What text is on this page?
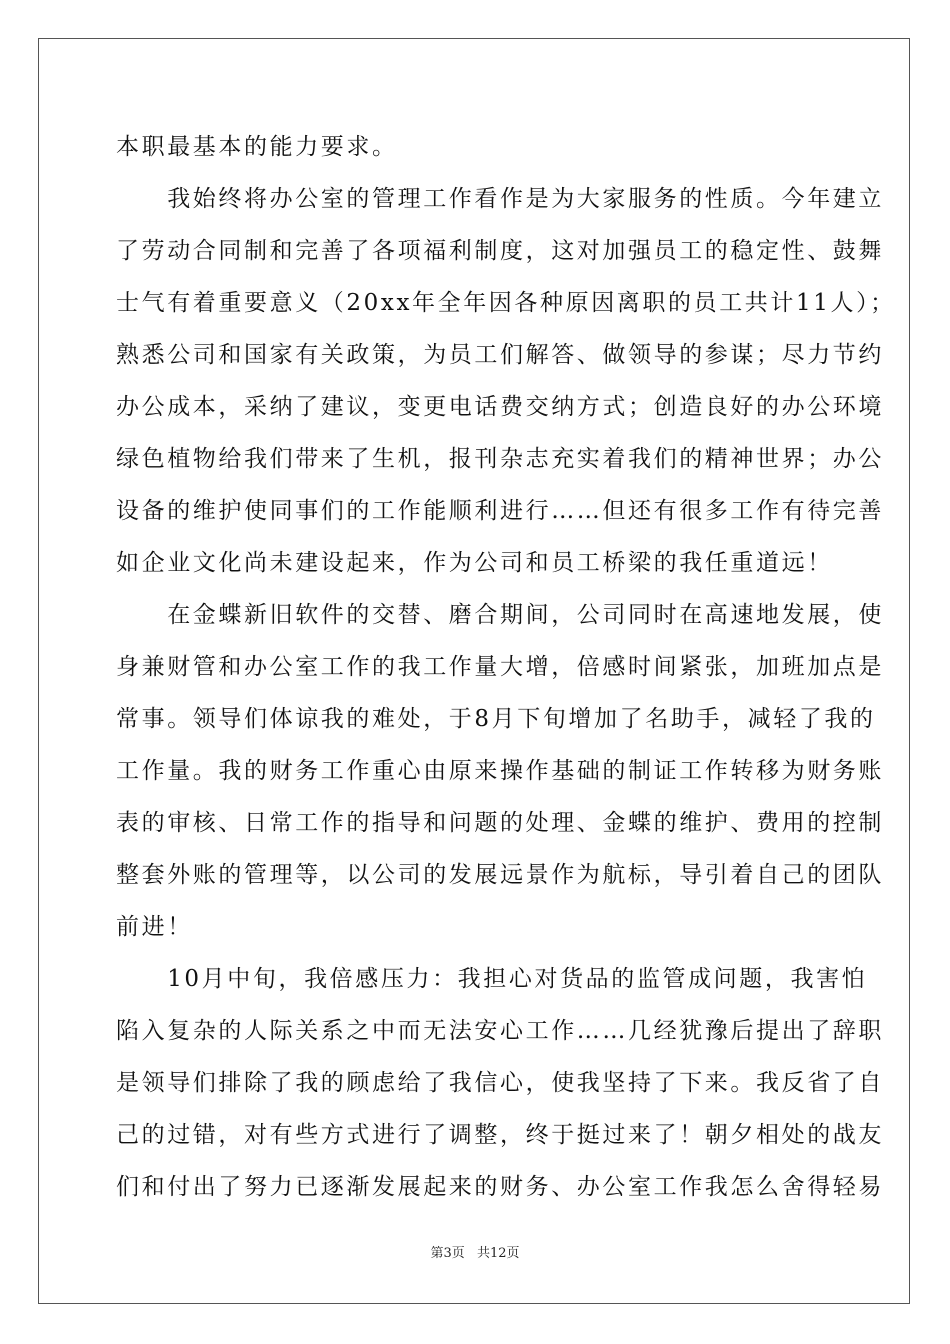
本职最基本的能力要求。
　　我始终将办公室的管理工作看作是为大家服务的性质。今年建立
了劳动合同制和完善了各项福利制度，这对加强员工的稳定性、鼓舞
士气有着重要意义（20xx年全年因各种原因离职的员工共计11人）；
熟悉公司和国家有关政策，为员工们解答、做领导的参谋；尽力节约
办公成本，采纳了建议，变更电话费交纳方式；创造良好的办公环境
绿色植物给我们带来了生机，报刊杂志充实着我们的精神世界；办公
设备的维护使同事们的工作能顺利进行……但还有很多工作有待完善
如企业文化尚未建设起来，作为公司和员工桥梁的我任重道远！
　　在金蝶新旧软件的交替、磨合期间，公司同时在高速地发展，使
身兼财管和办公室工作的我工作量大增，倍感时间紧张，加班加点是
常事。领导们体谅我的难处，于8月下旬增加了名助手，减轻了我的
工作量。我的财务工作重心由原来操作基础的制证工作转移为财务账
表的审核、日常工作的指导和问题的处理、金蝶的维护、费用的控制
整套外账的管理等，以公司的发展远景作为航标，导引着自己的团队
前进！
　　10月中旬，我倍感压力：我担心对货品的监管成问题，我害怕
陷入复杂的人际关系之中而无法安心工作……几经犹豫后提出了辞职
是领导们排除了我的顾虑给了我信心，使我坚持了下来。我反省了自
己的过错，对有些方式进行了调整，终于挺过来了！朝夕相处的战友
们和付出了努力已逐渐发展起来的财务、办公室工作我怎么舍得轻易
第3页 共12页
